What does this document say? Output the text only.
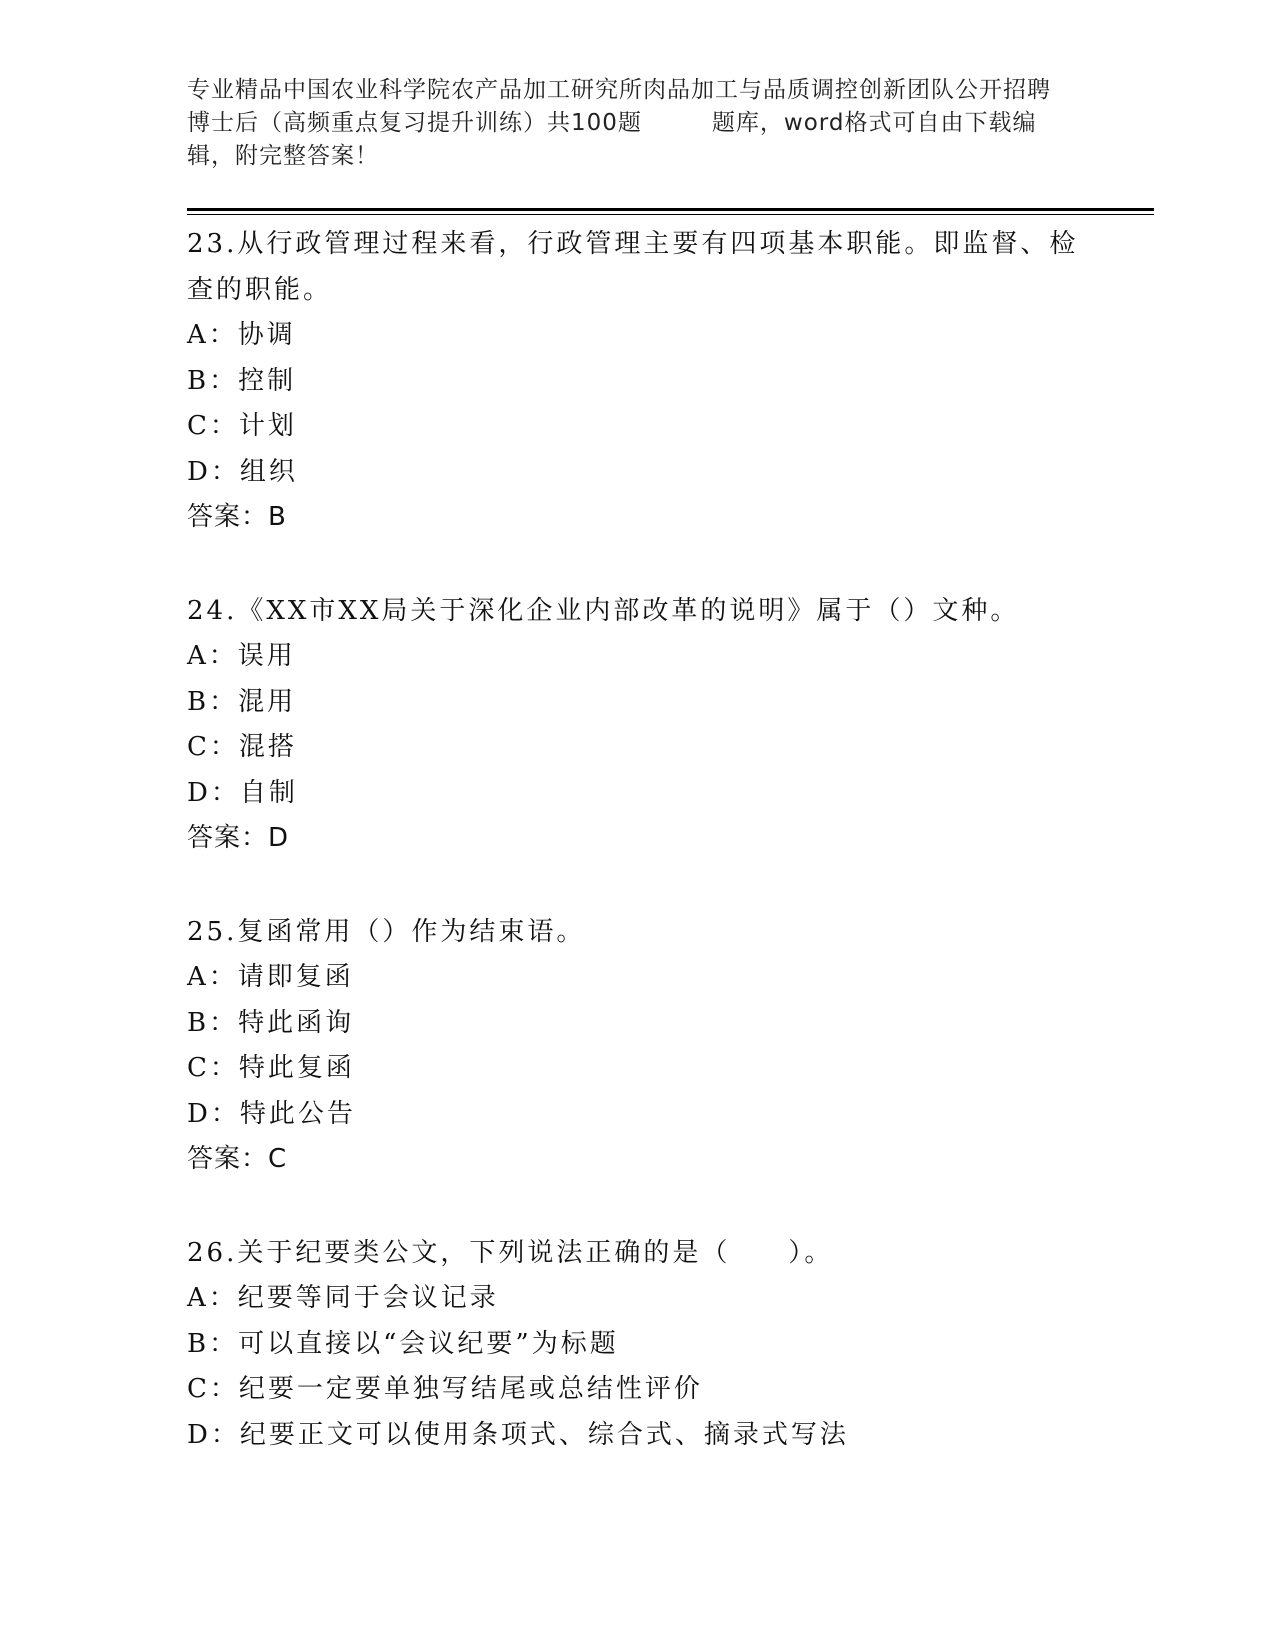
专业精品中国农业科学院农产品加工研究所肉品加工与品质调控创新团队公开招聘
博士后（高频重点复习提升训练）共100题	题库，word格式可自由下载编
辑，附完整答案！
23.从行政管理过程来看，行政管理主要有四项基本职能。即监督、检
查的职能。
A：协调
B：控制
C：计划
D：组织
答案：B
24.《XX市XX局关于深化企业内部改革的说明》属于（）文种。
A：误用
B：混用
C：混搭
D：自制
答案：D
25.复函常用（）作为结束语。
A：请即复函
B：特此函询
C：特此复函
D：特此公告
答案：C
26.关于纪要类公文，下列说法正确的是（　　）。
A：纪要等同于会议记录
B：可以直接以“会议纪要”为标题
C：纪要一定要单独写结尾或总结性评价
D：纪要正文可以使用条项式、综合式、摘录式写法
